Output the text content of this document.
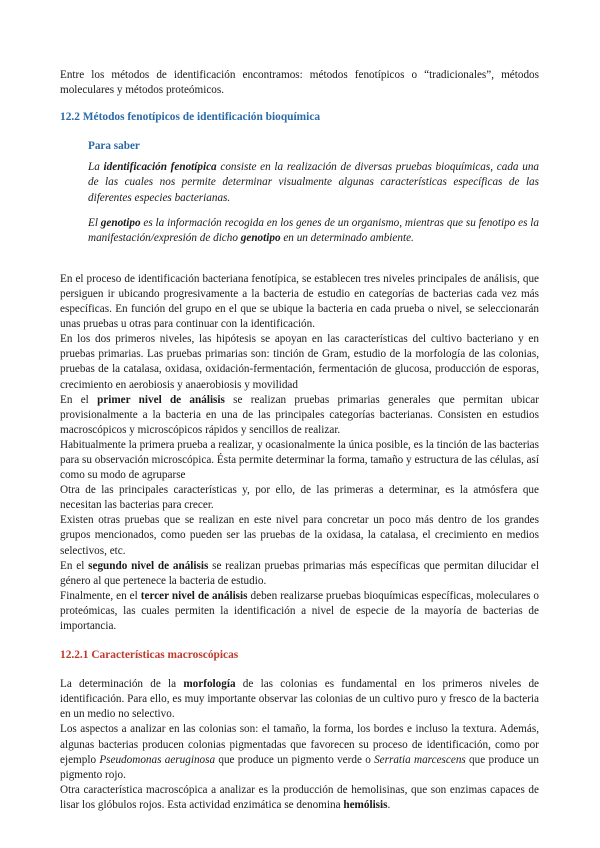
Entre los métodos de identificación encontramos: métodos fenotípicos o “tradicionales”, métodos moleculares y métodos proteómicos.

12.2 Métodos fenotípicos de identificación bioquímica

Para saber

La identificación fenotípica consiste en la realización de diversas pruebas bioquímicas, cada una de las cuales nos permite determinar visualmente algunas características específicas de las diferentes especies bacterianas.

El genotipo es la información recogida en los genes de un organismo, mientras que su fenotipo es la manifestación/expresión de dicho genotipo en un determinado ambiente.

En el proceso de identificación bacteriana fenotípica, se establecen tres niveles principales de análisis, que persiguen ir ubicando progresivamente a la bacteria de estudio en categorías de bacterias cada vez más específicas. En función del grupo en el que se ubique la bacteria en cada prueba o nivel, se seleccionarán unas pruebas u otras para continuar con la identificación.

En los dos primeros niveles, las hipótesis se apoyan en las características del cultivo bacteriano y en pruebas primarias. Las pruebas primarias son: tinción de Gram, estudio de la morfología de las colonias, pruebas de la catalasa, oxidasa, oxidación-fermentación, fermentación de glucosa, producción de esporas, crecimiento en aerobiosis y anaerobiosis y movilidad

En el primer nivel de análisis se realizan pruebas primarias generales que permitan ubicar provisionalmente a la bacteria en una de las principales categorías bacterianas. Consisten en estudios macroscópicos y microscópicos rápidos y sencillos de realizar.

Habitualmente la primera prueba a realizar, y ocasionalmente la única posible, es la tinción de las bacterias para su observación microscópica. Ésta permite determinar la forma, tamaño y estructura de las células, así como su modo de agruparse

Otra de las principales características y, por ello, de las primeras a determinar, es la atmósfera que necesitan las bacterias para crecer.

Existen otras pruebas que se realizan en este nivel para concretar un poco más dentro de los grandes grupos mencionados, como pueden ser las pruebas de la oxidasa, la catalasa, el crecimiento en medios selectivos, etc.

En el segundo nivel de análisis se realizan pruebas primarias más específicas que permitan dilucidar el género al que pertenece la bacteria de estudio.

Finalmente, en el tercer nivel de análisis deben realizarse pruebas bioquímicas específicas, moleculares o proteómicas, las cuales permiten la identificación a nivel de especie de la mayoría de bacterias de importancia.

12.2.1 Características macroscópicas

La determinación de la morfología de las colonias es fundamental en los primeros niveles de identificación. Para ello, es muy importante observar las colonias de un cultivo puro y fresco de la bacteria en un medio no selectivo.

Los aspectos a analizar en las colonias son: el tamaño, la forma, los bordes e incluso la textura. Además, algunas bacterias producen colonias pigmentadas que favorecen su proceso de identificación, como por ejemplo Pseudomonas aeruginosa que produce un pigmento verde o Serratia marcescens que produce un pigmento rojo.

Otra característica macroscópica a analizar es la producción de hemolisinas, que son enzimas capaces de lisar los glóbulos rojos. Esta actividad enzimática se denomina hemólisis.
